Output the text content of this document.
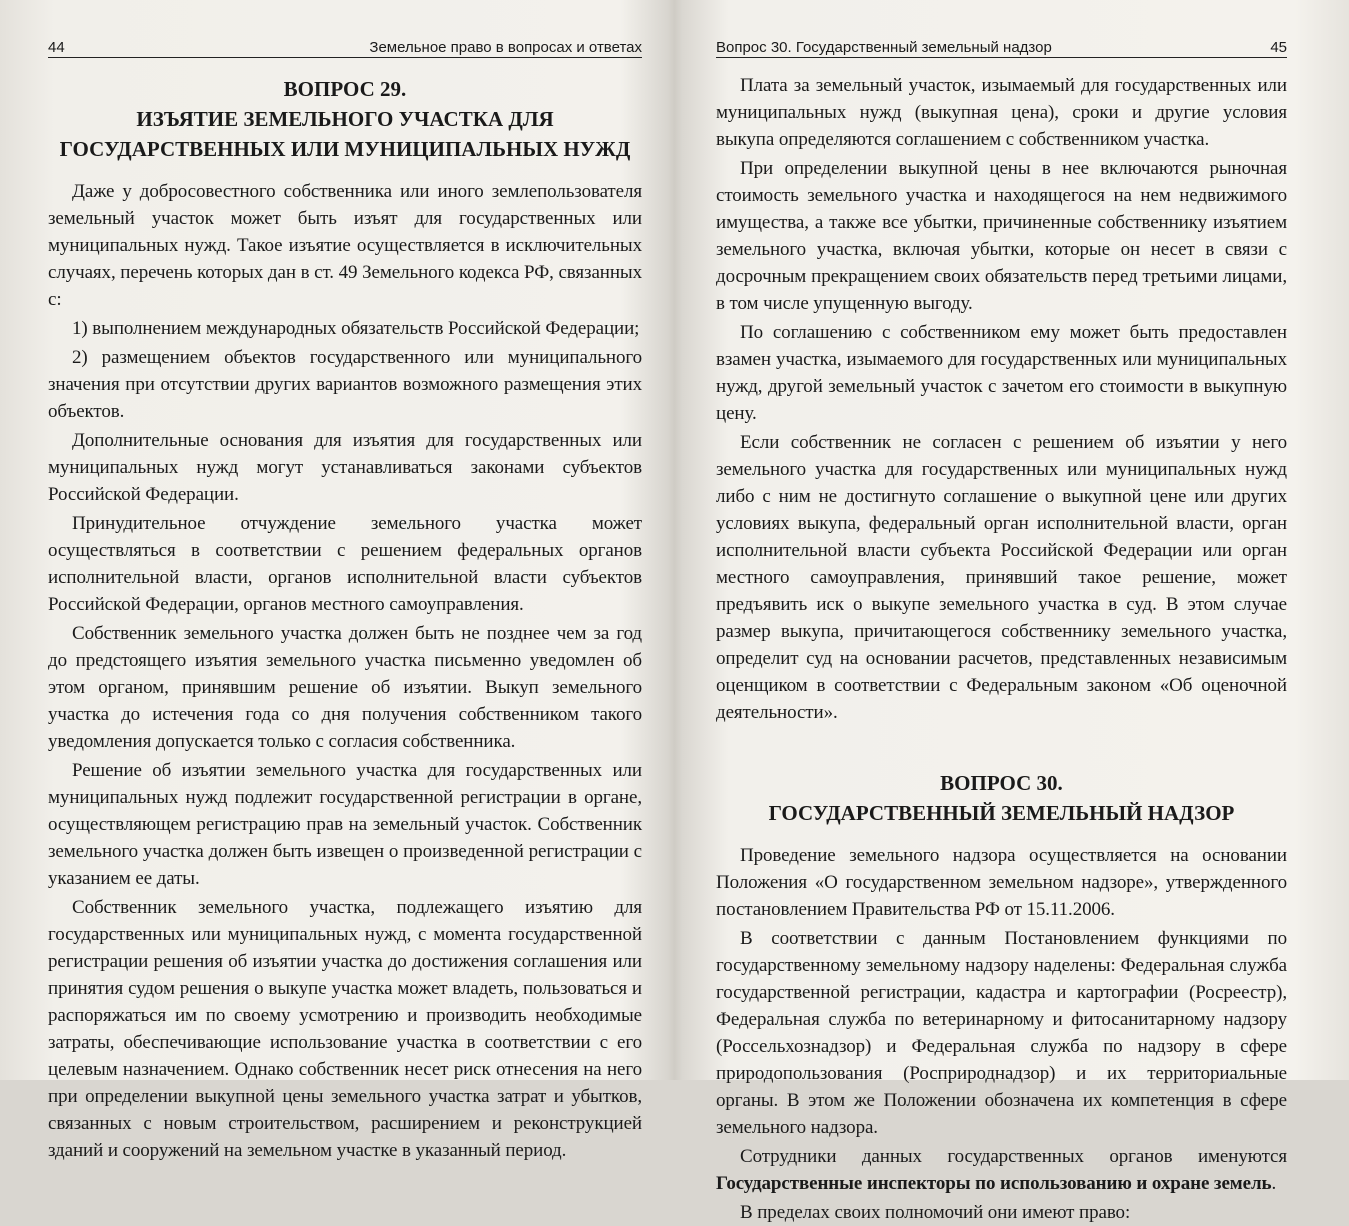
44	Земельное право в вопросах и ответах
ВОПРОС 29.
ИЗЪЯТИЕ ЗЕМЕЛЬНОГО УЧАСТКА ДЛЯ
ГОСУДАРСТВЕННЫХ ИЛИ МУНИЦИПАЛЬНЫХ НУЖД

Даже у добросовестного собственника или иного землепользователя земельный участок может быть изъят для государственных или муниципальных нужд. Такое изъятие осуществляется в исключительных случаях, перечень которых дан в ст. 49 Земельного кодекса РФ, связанных с:

1) выполнением международных обязательств Российской Федерации;

2) размещением объектов государственного или муниципального значения при отсутствии других вариантов возможного размещения этих объектов.

Дополнительные основания для изъятия для государственных или муниципальных нужд могут устанавливаться законами субъектов Российской Федерации.

Принудительное отчуждение земельного участка может осуществляться в соответствии с решением федеральных органов исполнительной власти, органов исполнительной власти субъектов Российской Федерации, органов местного самоуправления.

Собственник земельного участка должен быть не позднее чем за год до предстоящего изъятия земельного участка письменно уведомлен об этом органом, принявшим решение об изъятии. Выкуп земельного участка до истечения года со дня получения собственником такого уведомления допускается только с согласия собственника.

Решение об изъятии земельного участка для государственных или муниципальных нужд подлежит государственной регистрации в органе, осуществляющем регистрацию прав на земельный участок. Собственник земельного участка должен быть извещен о произведенной регистрации с указанием ее даты.

Собственник земельного участка, подлежащего изъятию для государственных или муниципальных нужд, с момента государственной регистрации решения об изъятии участка до достижения соглашения или принятия судом решения о выкупе участка может владеть, пользоваться и распоряжаться им по своему усмотрению и производить необходимые затраты, обеспечивающие использование участка в соответствии с его целевым назначением. Однако собственник несет риск отнесения на него при определении выкупной цены земельного участка затрат и убытков, связанных с новым строительством, расширением и реконструкцией зданий и сооружений на земельном участке в указанный период.

Вопрос 30. Государственный земельный надзор	45

Плата за земельный участок, изымаемый для государственных или муниципальных нужд (выкупная цена), сроки и другие условия выкупа определяются соглашением с собственником участка.

При определении выкупной цены в нее включаются рыночная стоимость земельного участка и находящегося на нем недвижимого имущества, а также все убытки, причиненные собственнику изъятием земельного участка, включая убытки, которые он несет в связи с досрочным прекращением своих обязательств перед третьими лицами, в том числе упущенную выгоду.

По соглашению с собственником ему может быть предоставлен взамен участка, изымаемого для государственных или муниципальных нужд, другой земельный участок с зачетом его стоимости в выкупную цену.

Если собственник не согласен с решением об изъятии у него земельного участка для государственных или муниципальных нужд либо с ним не достигнуто соглашение о выкупной цене или других условиях выкупа, федеральный орган исполнительной власти, орган исполнительной власти субъекта Российской Федерации или орган местного самоуправления, принявший такое решение, может предъявить иск о выкупе земельного участка в суд. В этом случае размер выкупа, причитающегося собственнику земельного участка, определит суд на основании расчетов, представленных независимым оценщиком в соответствии с Федеральным законом «Об оценочной деятельности».

ВОПРОС 30.
ГОСУДАРСТВЕННЫЙ ЗЕМЕЛЬНЫЙ НАДЗОР

Проведение земельного надзора осуществляется на основании Положения «О государственном земельном надзоре», утвержденного постановлением Правительства РФ от 15.11.2006.

В соответствии с данным Постановлением функциями по государственному земельному надзору наделены: Федеральная служба государственной регистрации, кадастра и картографии (Росреестр), Федеральная служба по ветеринарному и фитосанитарному надзору (Россельхознадзор) и Федеральная служба по надзору в сфере природопользования (Росприроднадзор) и их территориальные органы. В этом же Положении обозначена их компетенция в сфере земельного надзора.

Сотрудники данных государственных органов именуются Государственные инспекторы по использованию и охране земель.

В пределах своих полномочий они имеют право:
